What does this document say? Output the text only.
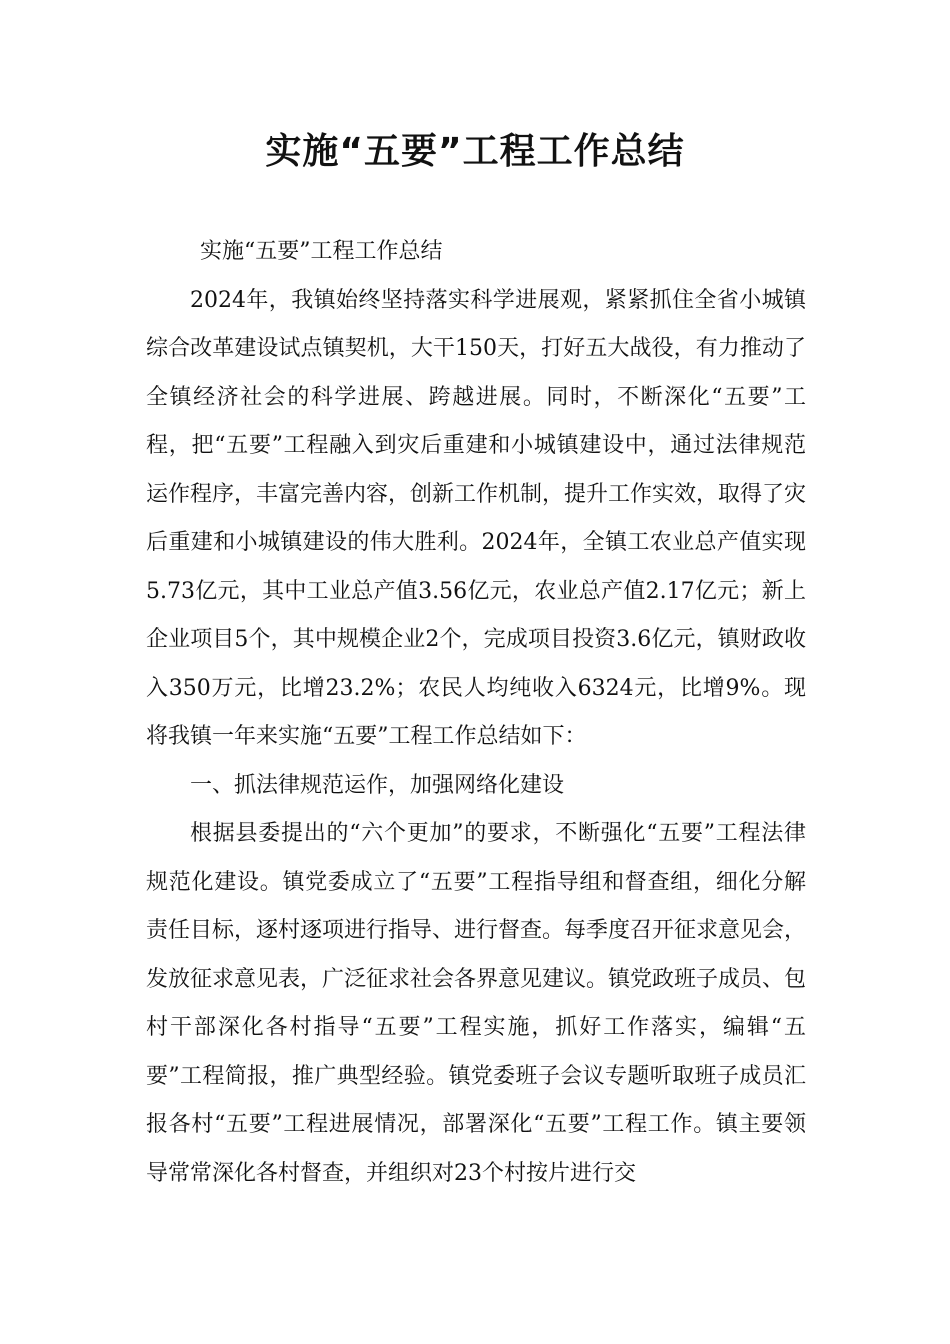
实施“五要”工程工作总结

实施“五要”工程工作总结

2024年，我镇始终坚持落实科学进展观，紧紧抓住全省小城镇综合改革建设试点镇契机，大干150天，打好五大战役，有力推动了全镇经济社会的科学进展、跨越进展。同时，不断深化“五要”工程，把“五要”工程融入到灾后重建和小城镇建设中，通过法律规范运作程序，丰富完善内容，创新工作机制，提升工作实效，取得了灾后重建和小城镇建设的伟大胜利。2024年，全镇工农业总产值实现5.73亿元，其中工业总产值3.56亿元，农业总产值2.17亿元；新上企业项目5个，其中规模企业2个，完成项目投资3.6亿元，镇财政收入350万元，比增23.2%；农民人均纯收入6324元，比增9%。现将我镇一年来实施“五要”工程工作总结如下：

一、抓法律规范运作，加强网络化建设

根据县委提出的“六个更加”的要求，不断强化“五要”工程法律规范化建设。镇党委成立了“五要”工程指导组和督查组，细化分解责任目标，逐村逐项进行指导、进行督查。每季度召开征求意见会，发放征求意见表，广泛征求社会各界意见建议。镇党政班子成员、包村干部深化各村指导“五要”工程实施，抓好工作落实，编辑“五要”工程简报，推广典型经验。镇党委班子会议专题听取班子成员汇报各村“五要”工程进展情况，部署深化“五要”工程工作。镇主要领导常常深化各村督查，并组织对23个村按片进行交
